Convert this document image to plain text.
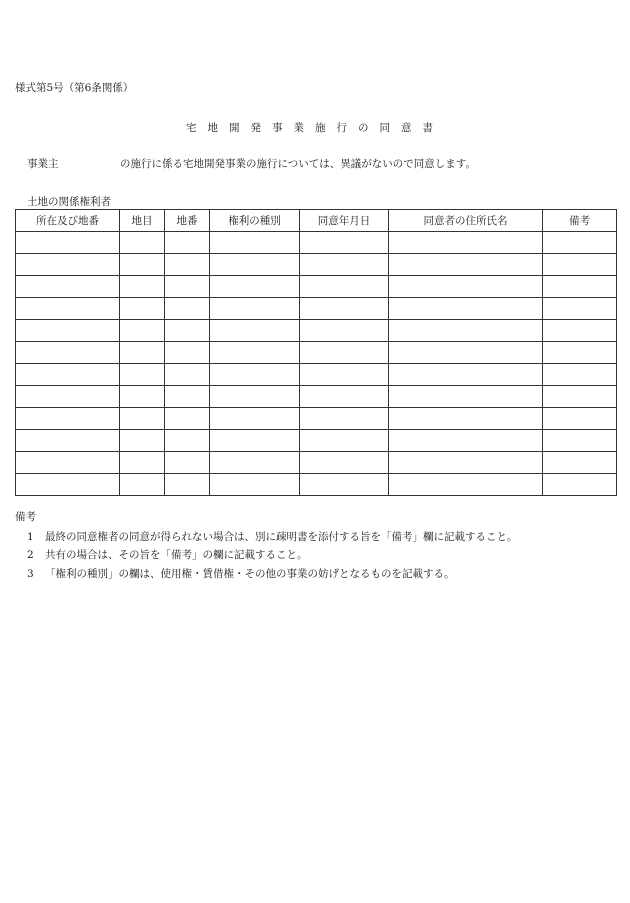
様式第5号（第6条関係）
宅地開発事業施行の同意書
事業主	の施行に係る宅地開発事業の施行については、異議がないので同意します。
土地の関係権利者
所在及び地番	地目	地番	権利の種別	同意年月日	同意者の住所氏名	備考

備考
1 最終の同意権者の同意が得られない場合は、別に疎明書を添付する旨を「備考」欄に記載すること。
2 共有の場合は、その旨を「備考」の欄に記載すること。
3 「権利の種別」の欄は、使用権・賃借権・その他の事業の妨げとなるものを記載する。
